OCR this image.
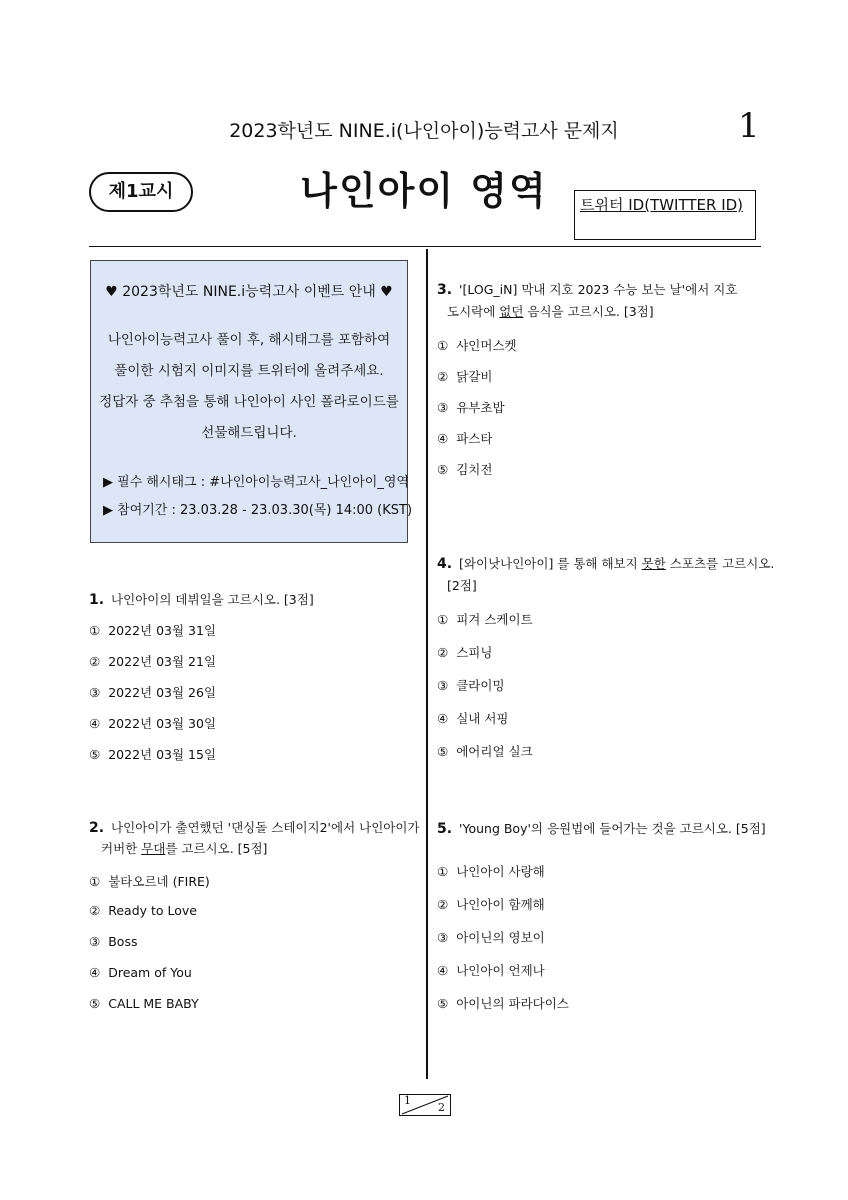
2023학년도 NINE.i(나인아이)능력고사 문제지	1
제1교시	나인아이 영역	트위터 ID(TWITTER ID)
♥ 2023학년도 NINE.i능력고사 이벤트 안내 ♥
나인아이능력고사 풀이 후, 해시태그를 포함하여
풀이한 시험지 이미지를 트위터에 올려주세요.
정답자 중 추첨을 통해 나인아이 사인 폴라로이드를
선물해드립니다.
▶ 필수 해시태그 : #나인아이능력고사_나인아이_영역
▶ 참여기간 : 23.03.28 - 23.03.30(목) 14:00 (KST)
1. 나인아이의 데뷔일을 고르시오. [3점]
① 2022년 03월 31일
② 2022년 03월 21일
③ 2022년 03월 26일
④ 2022년 03월 30일
⑤ 2022년 03월 15일
2. 나인아이가 출연했던 '댄싱돌 스테이지2'에서 나인아이가
커버한 무대를 고르시오. [5점]
① 불타오르네 (FIRE)
② Ready to Love
③ Boss
④ Dream of You
⑤ CALL ME BABY
3. '[LOG_iN] 막내 지호 2023 수능 보는 날'에서 지호
도시락에 없던 음식을 고르시오. [3점]
① 샤인머스켓
② 닭갈비
③ 유부초밥
④ 파스타
⑤ 김치전
4. [와이낫나인아이] 를 통해 해보지 못한 스포츠를 고르시오.
[2점]
① 피겨 스케이트
② 스피닝
③ 클라이밍
④ 실내 서핑
⑤ 에어리얼 실크
5. 'Young Boy'의 응원법에 들어가는 것을 고르시오. [5점]
① 나인아이 사랑해
② 나인아이 함께해
③ 아이닌의 영보이
④ 나인아이 언제나
⑤ 아이닌의 파라다이스
1
2
